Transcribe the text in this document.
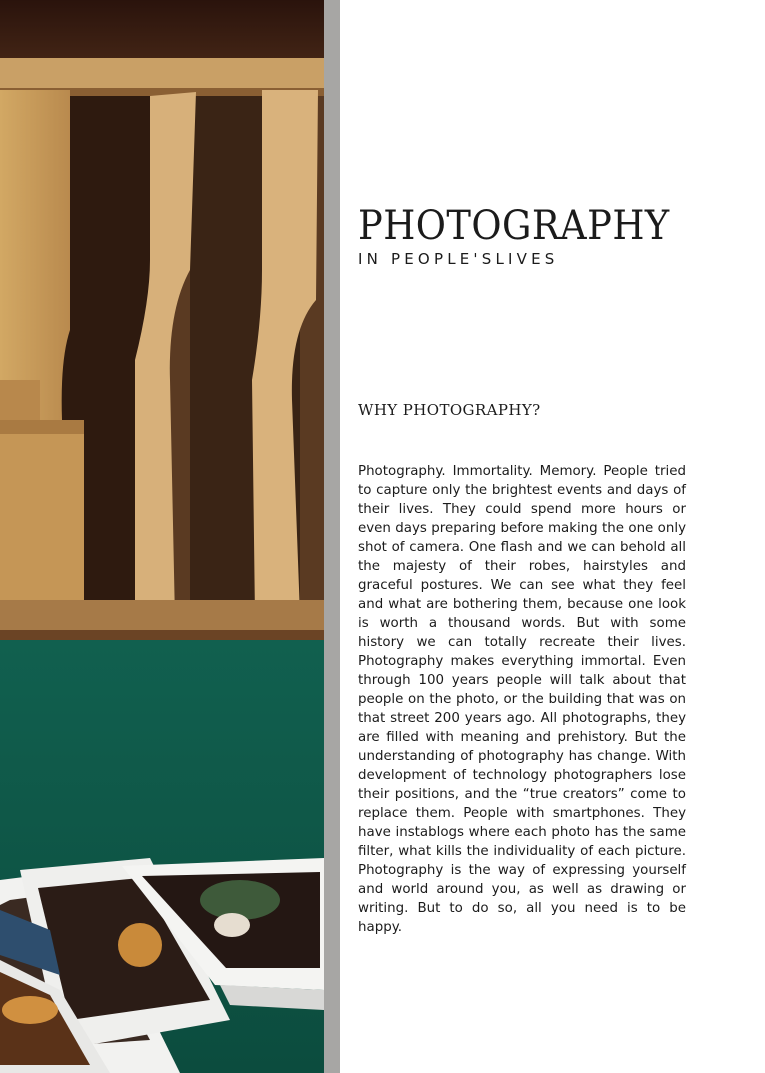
PHOTOGRAPHY
IN PEOPLE'SLIVES
WHY PHOTOGRAPHY?

Photography. Immortality. Memory. People tried to capture only the brightest events and days of their lives. They could spend more hours or even days preparing before making the one only shot of camera. One flash and we can behold all the majesty of their robes, hairstyles and graceful postures. We can see what they feel and what are bothering them, because one look is worth a thousand words. But with some history we can totally recreate their lives. Photography makes everything immortal. Even through 100 years people will talk about that people on the photo, or the building that was on that street 200 years ago. All photographs, they are filled with meaning and prehistory. But the understanding of photography has change. With development of technology photographers lose their positions, and the “true creators” come to replace them. People with smartphones. They have instablogs where each photo has the same filter, what kills the individuality of each picture. Photography is the way of expressing yourself and world around you, as well as drawing or writing. But to do so, all you need is to be happy.
